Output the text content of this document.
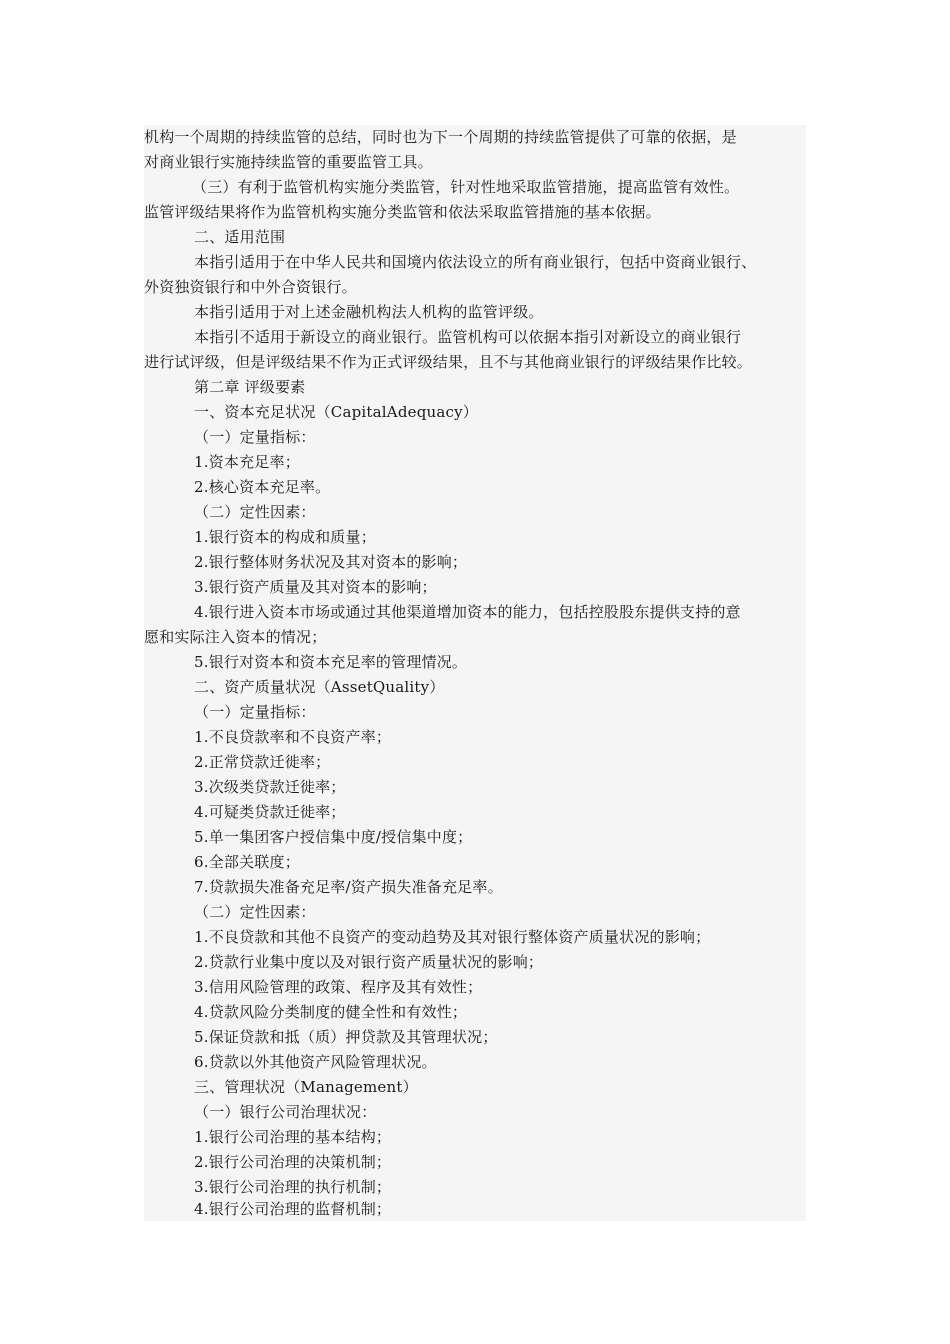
机构一个周期的持续监管的总结，同时也为下一个周期的持续监管提供了可靠的依据，是
对商业银行实施持续监管的重要监管工具。
（三）有利于监管机构实施分类监管，针对性地采取监管措施，提高监管有效性。
监管评级结果将作为监管机构实施分类监管和依法采取监管措施的基本依据。
二、适用范围
本指引适用于在中华人民共和国境内依法设立的所有商业银行，包括中资商业银行、
外资独资银行和中外合资银行。
本指引适用于对上述金融机构法人机构的监管评级。
本指引不适用于新设立的商业银行。监管机构可以依据本指引对新设立的商业银行
进行试评级，但是评级结果不作为正式评级结果，且不与其他商业银行的评级结果作比较。
第二章 评级要素
一、资本充足状况（CapitalAdequacy）
（一）定量指标：
1.资本充足率；
2.核心资本充足率。
（二）定性因素：
1.银行资本的构成和质量；
2.银行整体财务状况及其对资本的影响；
3.银行资产质量及其对资本的影响；
4.银行进入资本市场或通过其他渠道增加资本的能力，包括控股股东提供支持的意
愿和实际注入资本的情况；
5.银行对资本和资本充足率的管理情况。
二、资产质量状况（AssetQuality）
（一）定量指标：
1.不良贷款率和不良资产率；
2.正常贷款迁徙率；
3.次级类贷款迁徙率；
4.可疑类贷款迁徙率；
5.单一集团客户授信集中度/授信集中度；
6.全部关联度；
7.贷款损失准备充足率/资产损失准备充足率。
（二）定性因素：
1.不良贷款和其他不良资产的变动趋势及其对银行整体资产质量状况的影响；
2.贷款行业集中度以及对银行资产质量状况的影响；
3.信用风险管理的政策、程序及其有效性；
4.贷款风险分类制度的健全性和有效性；
5.保证贷款和抵（质）押贷款及其管理状况；
6.贷款以外其他资产风险管理状况。
三、管理状况（Management）
（一）银行公司治理状况：
1.银行公司治理的基本结构；
2.银行公司治理的决策机制；
3.银行公司治理的执行机制；
4.银行公司治理的监督机制；
